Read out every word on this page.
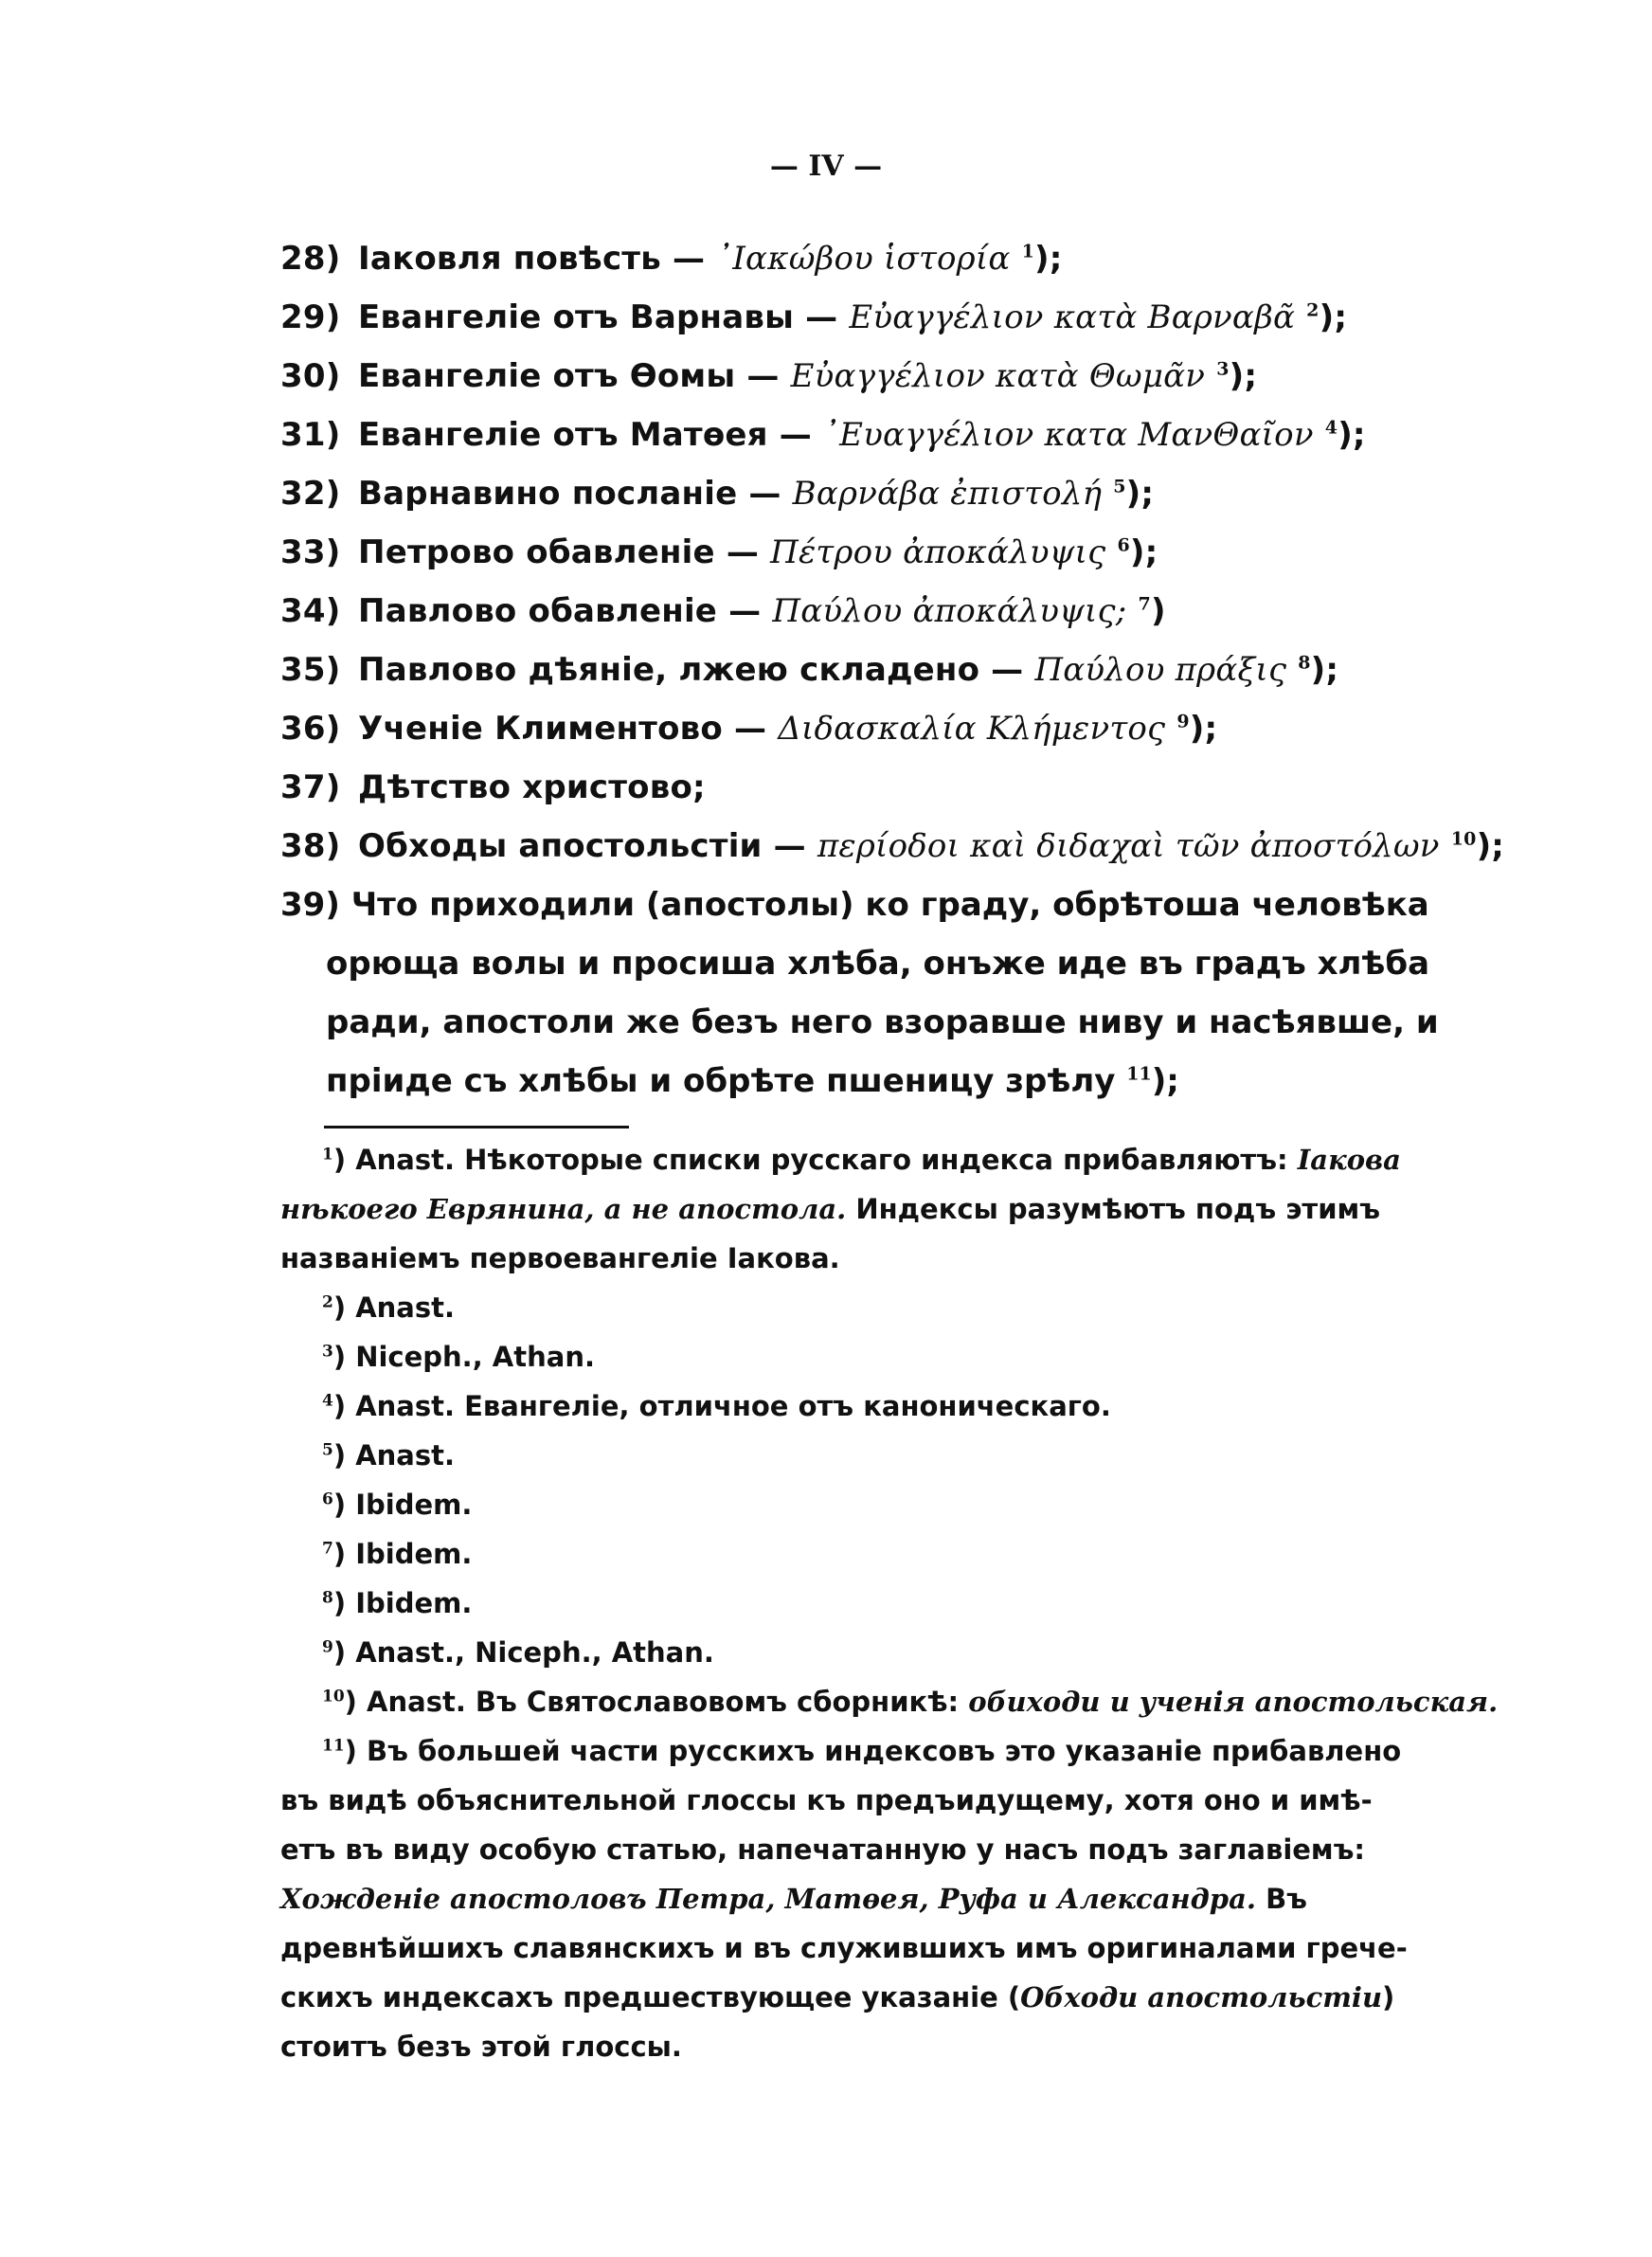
— IV —
28) Iаковля повѣсть — ᾿Ιακώβου ἱστορία $^1$);
29) Евангелiе отъ Варнавы — Εὐαγγέλιον κατὰ Βαρναβᾶ $^2$);
30) Евангелiе отъ Ѳомы — Εὐαγγέλιον κατὰ Θωμᾶν $^3$);
31) Евангелiе отъ Матѳея — ᾿Ευαγγέλιον κατα ΜανΘαῖον $^4$);
32) Варнавино посланiе — Βαρνάβα ἐπιστολή $^5$);
33) Петрово обавленiе — Πέτρου ἀποκάλυψις $^6$);
34) Павлово обавленiе — Παύλου ἀποκάλυψις; $^7$)
35) Павлово дѣянiе, лжею складено — Παύλου πράξις $^8$);
36) Ученiе Климентово — Διδασκαλία Κλήμεντος $^9$);
37) Дѣтство христово;
38) Обходы апостольстiи — περίοδοι καὶ διδαχαὶ τῶν ἀποστόλων $^{10}$);
39) Что приходили (апостолы) ко граду, обрѣтоша человѣка
орюща волы и просиша хлѣба, онъже иде въ градъ хлѣба
ради, апостоли же безъ него взоравше ниву и насѣявше, и
прiиде съ хлѣбы и обрѣте пшеницу зрѣлу $^{11}$);
$^1$) Anast. Нѣкоторые списки русскаго индекса прибавляютъ: Iакова
нѣкоего Еврянина, а не апостола. Индексы разумѣютъ подъ этимъ
названiемъ первоевангелiе Iакова.
$^2$) Anast.
$^3$) Niceph., Athan.
$^4$) Anast. Евангелiе, отличное отъ каноническаго.
$^5$) Anast.
$^6$) Ibidem.
$^7$) Ibidem.
$^8$) Ibidem.
$^9$) Anast., Niceph., Athan.
$^{10}$) Anast. Въ Святославовомъ сборникѣ: обиходи и ученiя апостольская.
$^{11}$) Въ большей части русскихъ индексовъ это указанiе прибавлено
въ видѣ объяснительной глоссы къ предъидущему, хотя оно и имѣ-
етъ въ виду особую статью, напечатанную у насъ подъ заглавiемъ:
Хожденiе апостоловъ Петра, Матѳея, Руфа и Александра. Въ
древнѣйшихъ славянскихъ и въ служившихъ имъ оригиналами грече-
скихъ индексахъ предшествующее указанiе (Обходи апостольстiи)
стоитъ безъ этой глоссы.
